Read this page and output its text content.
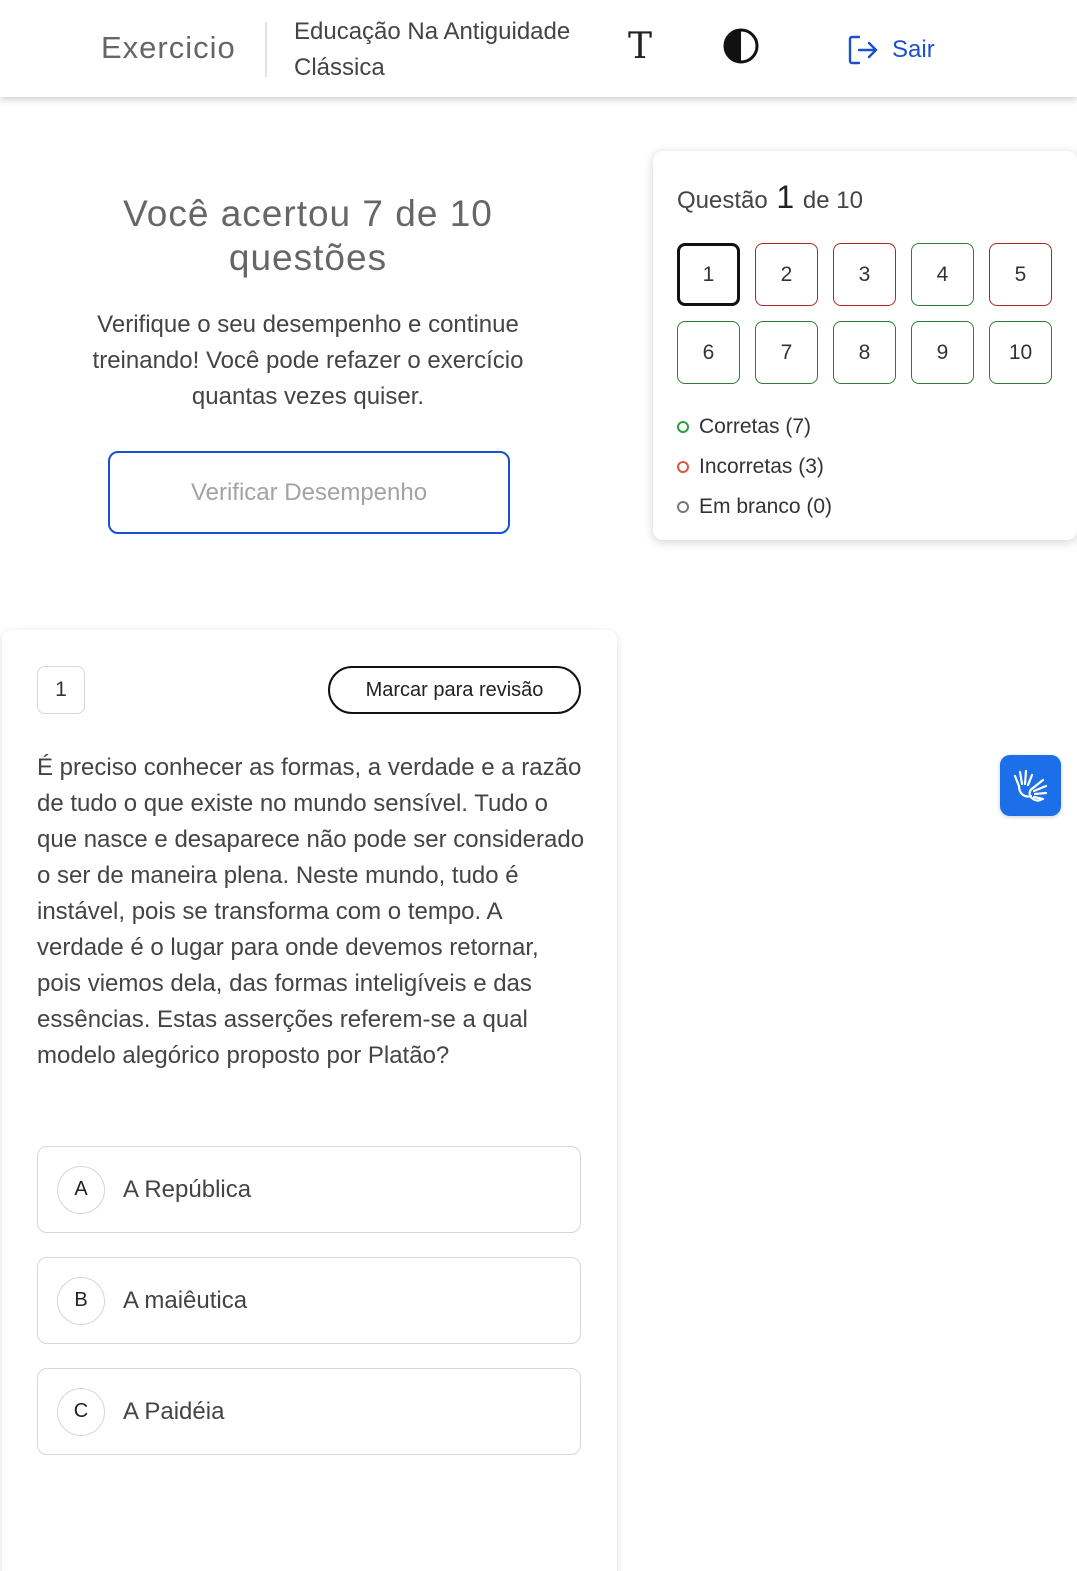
Exercicio Educação Na Antiguidade Clássica
T	Sair
Você acertou 7 de 10 questões
Verifique o seu desempenho e continue treinando! Você pode refazer o exercício quantas vezes quiser.
Verificar Desempenho
Questão 1 de 10
1	2	3	4	5
6	7	8	9	10
Corretas (7)
Incorretas (3)
Em branco (0)
1	Marcar para revisão
É preciso conhecer as formas, a verdade e a razão de tudo o que existe no mundo sensível. Tudo o que nasce e desaparece não pode ser considerado o ser de maneira plena. Neste mundo, tudo é instável, pois se transforma com o tempo. A verdade é o lugar para onde devemos retornar, pois viemos dela, das formas inteligíveis e das essências. Estas asserções referem-se a qual modelo alegórico proposto por Platão?
A	A República
B	A maiêutica
C	A Paidéia
